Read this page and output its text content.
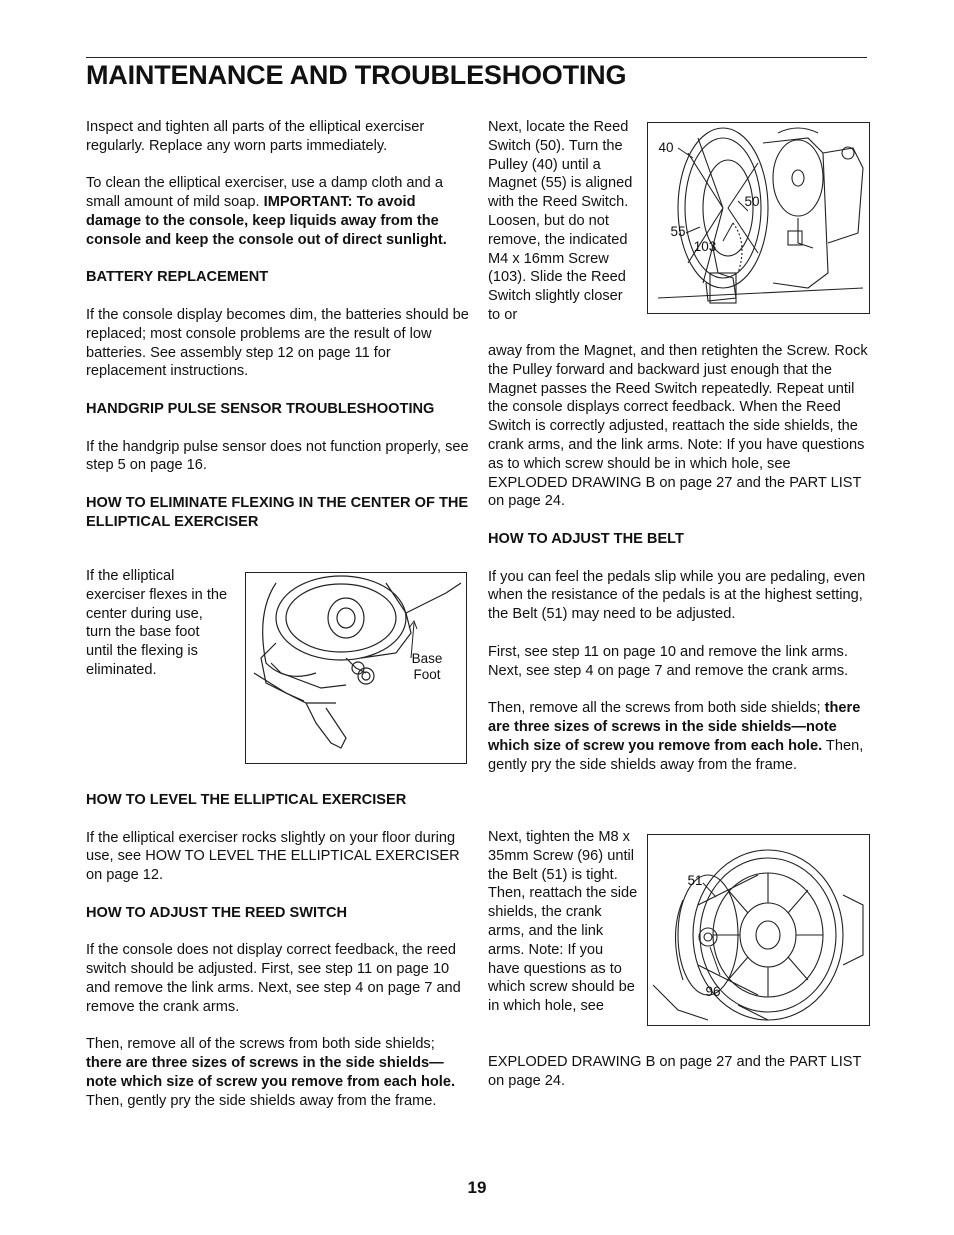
MAINTENANCE AND TROUBLESHOOTING

Inspect and tighten all parts of the elliptical exerciser regularly. Replace any worn parts immediately.

To clean the elliptical exerciser, use a damp cloth and a small amount of mild soap. IMPORTANT: To avoid damage to the console, keep liquids away from the console and keep the console out of direct sunlight.

BATTERY REPLACEMENT

If the console display becomes dim, the batteries should be replaced; most console problems are the result of low batteries. See assembly step 12 on page 11 for replacement instructions.

HANDGRIP PULSE SENSOR TROUBLESHOOTING

If the handgrip pulse sensor does not function properly, see step 5 on page 16.

HOW TO ELIMINATE FLEXING IN THE CENTER OF THE ELLIPTICAL EXERCISER
If the elliptical exerciser flexes in the center during use, turn the base foot until the flexing is eliminated.
Base Foot
HOW TO LEVEL THE ELLIPTICAL EXERCISER

If the elliptical exerciser rocks slightly on your floor during use, see HOW TO LEVEL THE ELLIPTICAL EXERCISER on page 12.

HOW TO ADJUST THE REED SWITCH

If the console does not display correct feedback, the reed switch should be adjusted. First, see step 11 on page 10 and remove the link arms. Next, see step 4 on page 7 and remove the crank arms.

Then, remove all of the screws from both side shields; there are three sizes of screws in the side shields—note which size of screw you remove from each hole. Then, gently pry the side shields away from the frame.

Next, locate the Reed Switch (50). Turn the Pulley (40) until a Magnet (55) is aligned with the Reed Switch. Loosen, but do not remove, the indicated M4 x 16mm Screw (103). Slide the Reed Switch slightly closer to or
40
50
55
103

away from the Magnet, and then retighten the Screw. Rock the Pulley forward and backward just enough that the Magnet passes the Reed Switch repeatedly. Repeat until the console displays correct feedback. When the Reed Switch is correctly adjusted, reattach the side shields, the crank arms, and the link arms. Note: If you have questions as to which screw should be in which hole, see EXPLODED DRAWING B on page 27 and the PART LIST on page 24.

HOW TO ADJUST THE BELT

If you can feel the pedals slip while you are pedaling, even when the resistance of the pedals is at the highest setting, the Belt (51) may need to be adjusted.

First, see step 11 on page 10 and remove the link arms. Next, see step 4 on page 7 and remove the crank arms.

Then, remove all the screws from both side shields; there are three sizes of screws in the side shields—note which size of screw you remove from each hole. Then, gently pry the side shields away from the frame.

Next, tighten the M8 x 35mm Screw (96) until the Belt (51) is tight. Then, reattach the side shields, the crank arms, and the link arms. Note: If you have questions as to which screw should be in which hole, see
51
96
EXPLODED DRAWING B on page 27 and the PART LIST on page 24.
19
